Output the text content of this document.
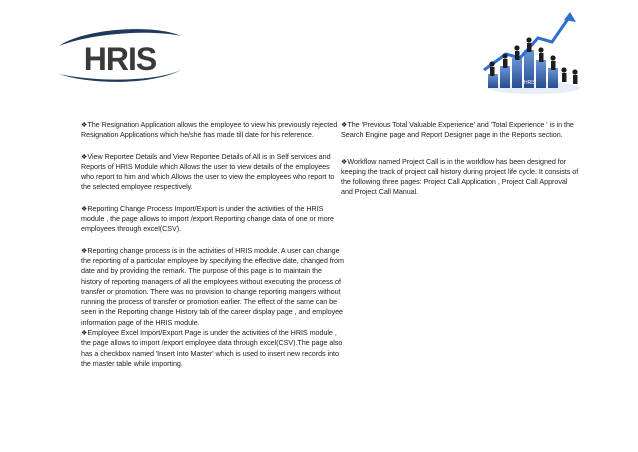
HRIS
HRIS

❖The Resignation Application allows the employee to view his previously rejected Resignation Applications which he/she has made till date for his reference.

❖View Reportee Details and View Reportee Details of All is in Self services and Reports of HRIS Module which Allows the user to view details of the employees who report to him and which Allows the user to view the employees who report to the selected employee respectively.

❖Reporting Change Process Import/Export is under the activities of the HRIS module , the page allows to import /export Reporting change data of one or more employees through excel(CSV).

❖Reporting change process is in the activities of HRIS module. A user can change the reporting of a particular employee by specifying the effective date, changed from date and by providing the remark. The purpose of this page is to maintain the history of reporting managers of all the employees without executing the process of transfer or promotion. There was no provision to change reporting mangers without running the process of transfer or promotion earlier. The effect of the same can be seen in the Reporting change History tab of the career display page , and employee information page of the HRIS module.

❖Employee Excel Import/Export Page is under the activities of the HRIS module , the page allows to import /export employee data through excel(CSV).The page also has a checkbox named 'Insert Into Master' which is used to insert new records into the master table while importing.

❖The 'Previous Total Valuable Experience' and 'Total Experience ' is in the Search Engine page and Report Designer page in the Reports section.

❖Workflow named Project Call is in the workflow has been designed for keeping the track of project call history during project life cycle. It consists of the following three pages: Project Call Application , Project Call Approval and Project Call Manual.
